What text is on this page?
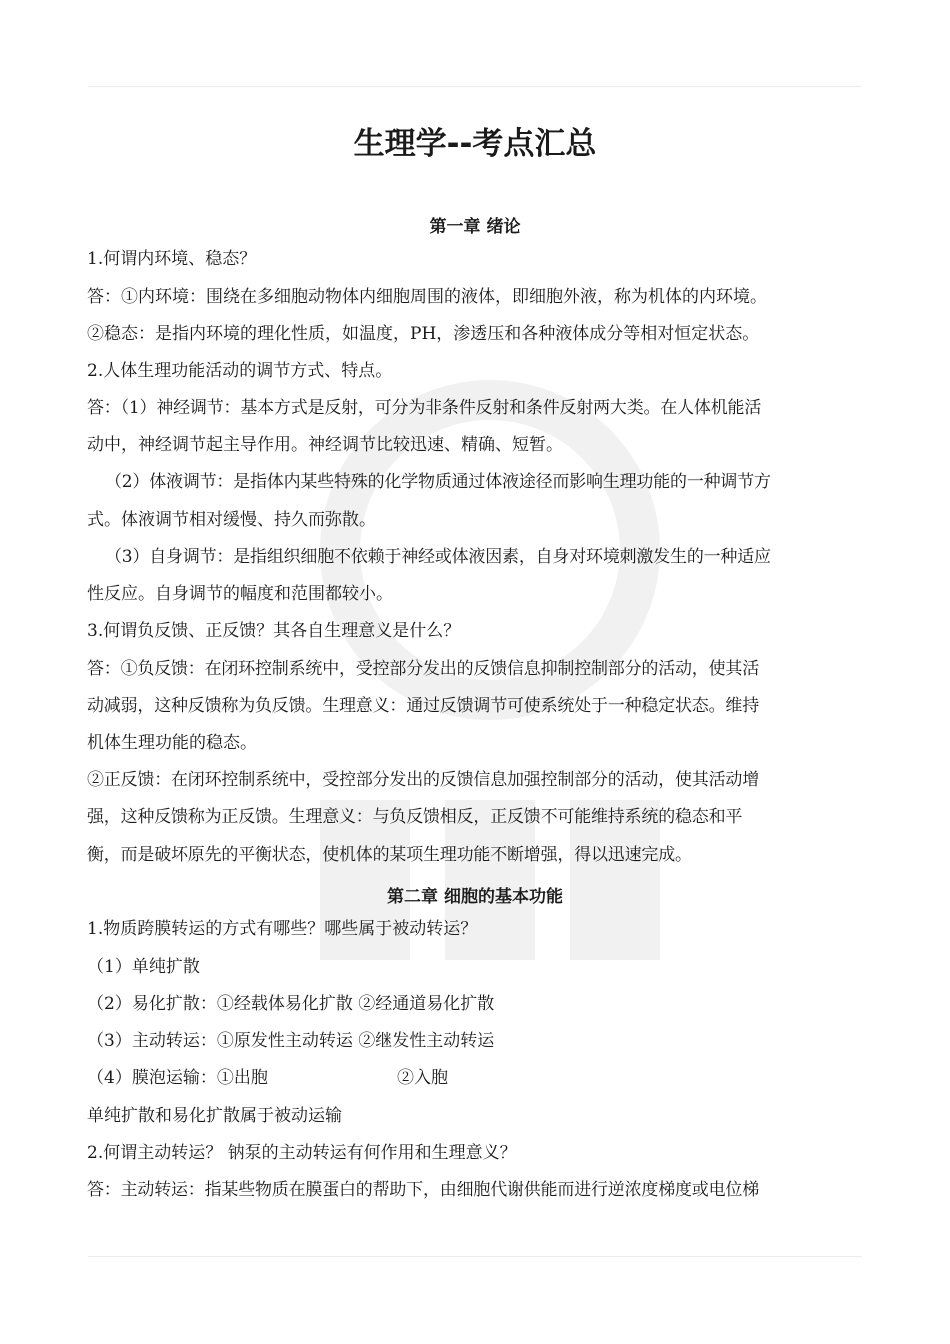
生理学--考点汇总
第一章 绪论

1.何谓内环境、稳态？

答：①内环境：围绕在多细胞动物体内细胞周围的液体，即细胞外液，称为机体的内环境。

②稳态：是指内环境的理化性质，如温度，PH，渗透压和各种液体成分等相对恒定状态。

2.人体生理功能活动的调节方式、特点。

答：（1）神经调节：基本方式是反射，可分为非条件反射和条件反射两大类。在人体机能活

动中，神经调节起主导作用。神经调节比较迅速、精确、短暂。

（2）体液调节：是指体内某些特殊的化学物质通过体液途径而影响生理功能的一种调节方

式。体液调节相对缓慢、持久而弥散。

（3）自身调节：是指组织细胞不依赖于神经或体液因素，自身对环境刺激发生的一种适应

性反应。自身调节的幅度和范围都较小。

3.何谓负反馈、正反馈？其各自生理意义是什么？

答：①负反馈：在闭环控制系统中，受控部分发出的反馈信息抑制控制部分的活动，使其活

动减弱，这种反馈称为负反馈。生理意义：通过反馈调节可使系统处于一种稳定状态。维持

机体生理功能的稳态。

②正反馈：在闭环控制系统中，受控部分发出的反馈信息加强控制部分的活动，使其活动增

强，这种反馈称为正反馈。生理意义：与负反馈相反，正反馈不可能维持系统的稳态和平

衡，而是破坏原先的平衡状态，使机体的某项生理功能不断增强，得以迅速完成。

第二章 细胞的基本功能

1.物质跨膜转运的方式有哪些？哪些属于被动转运？

（1）单纯扩散

（2）易化扩散：①经载体易化扩散 ②经通道易化扩散

（3）主动转运：①原发性主动转运 ②继发性主动转运

（4）膜泡运输：①出胞	②入胞

单纯扩散和易化扩散属于被动运输

2.何谓主动转运？ 钠泵的主动转运有何作用和生理意义？

答：主动转运：指某些物质在膜蛋白的帮助下，由细胞代谢供能而进行逆浓度梯度或电位梯
